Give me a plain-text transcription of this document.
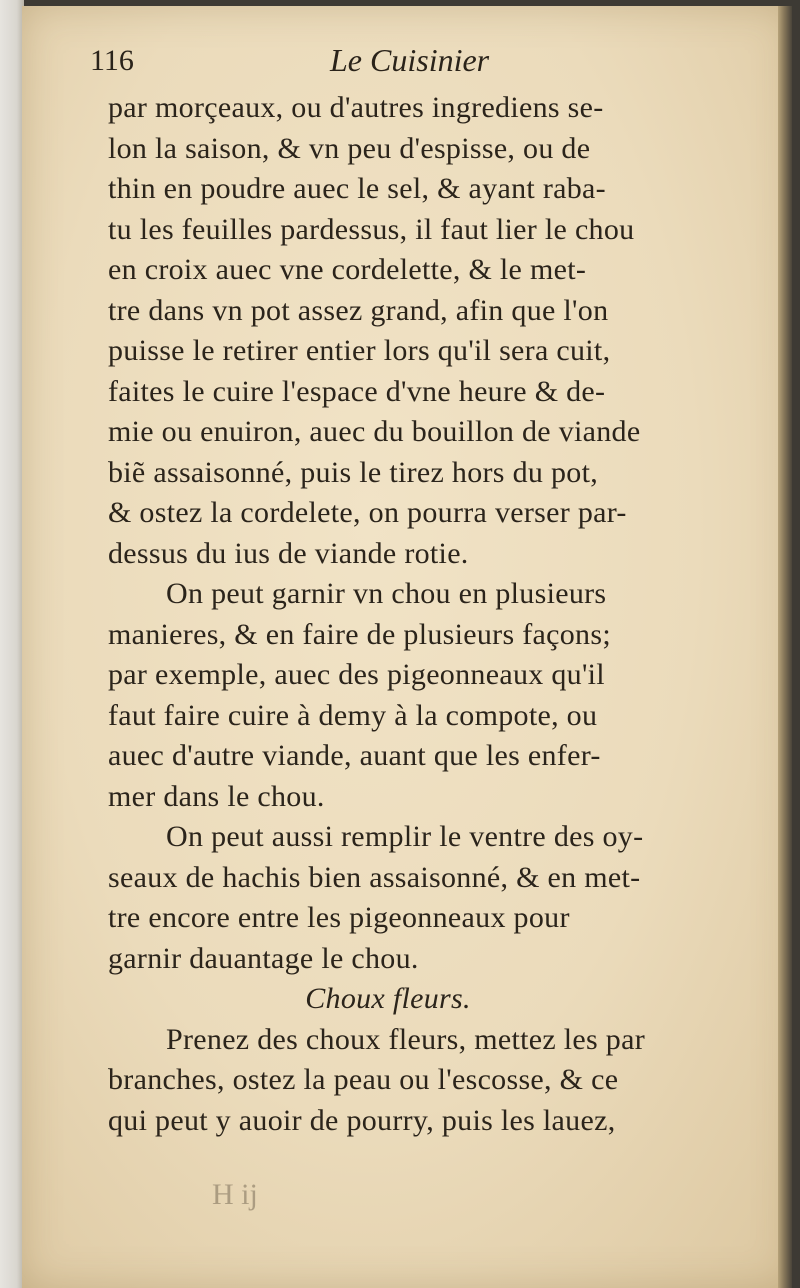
116	Le Cuisinier
par morçeaux, ou d'autres ingrediens se-
lon la saison, & vn peu d'espisse, ou de
thin en poudre auec le sel, & ayant raba-
tu les feuilles pardessus, il faut lier le chou
en croix auec vne cordelette, & le met-
tre dans vn pot assez grand, afin que l'on
puisse le retirer entier lors qu'il sera cuit,
faites le cuire l'espace d'vne heure & de-
mie ou enuiron, auec du bouillon de viande
biẽ assaisonné, puis le tirez hors du pot,
& ostez la cordelete, on pourra verser par-
dessus du ius de viande rotie.
On peut garnir vn chou en plusieurs
manieres, & en faire de plusieurs façons;
par exemple, auec des pigeonneaux qu'il
faut faire cuire à demy à la compote, ou
auec d'autre viande, auant que les enfer-
mer dans le chou.
On peut aussi remplir le ventre des oy-
seaux de hachis bien assaisonné, & en met-
tre encore entre les pigeonneaux pour
garnir dauantage le chou.
Choux fleurs.
Prenez des choux fleurs, mettez les par
branches, ostez la peau ou l'escosse, & ce
qui peut y auoir de pourry, puis les lauez,
H ij
